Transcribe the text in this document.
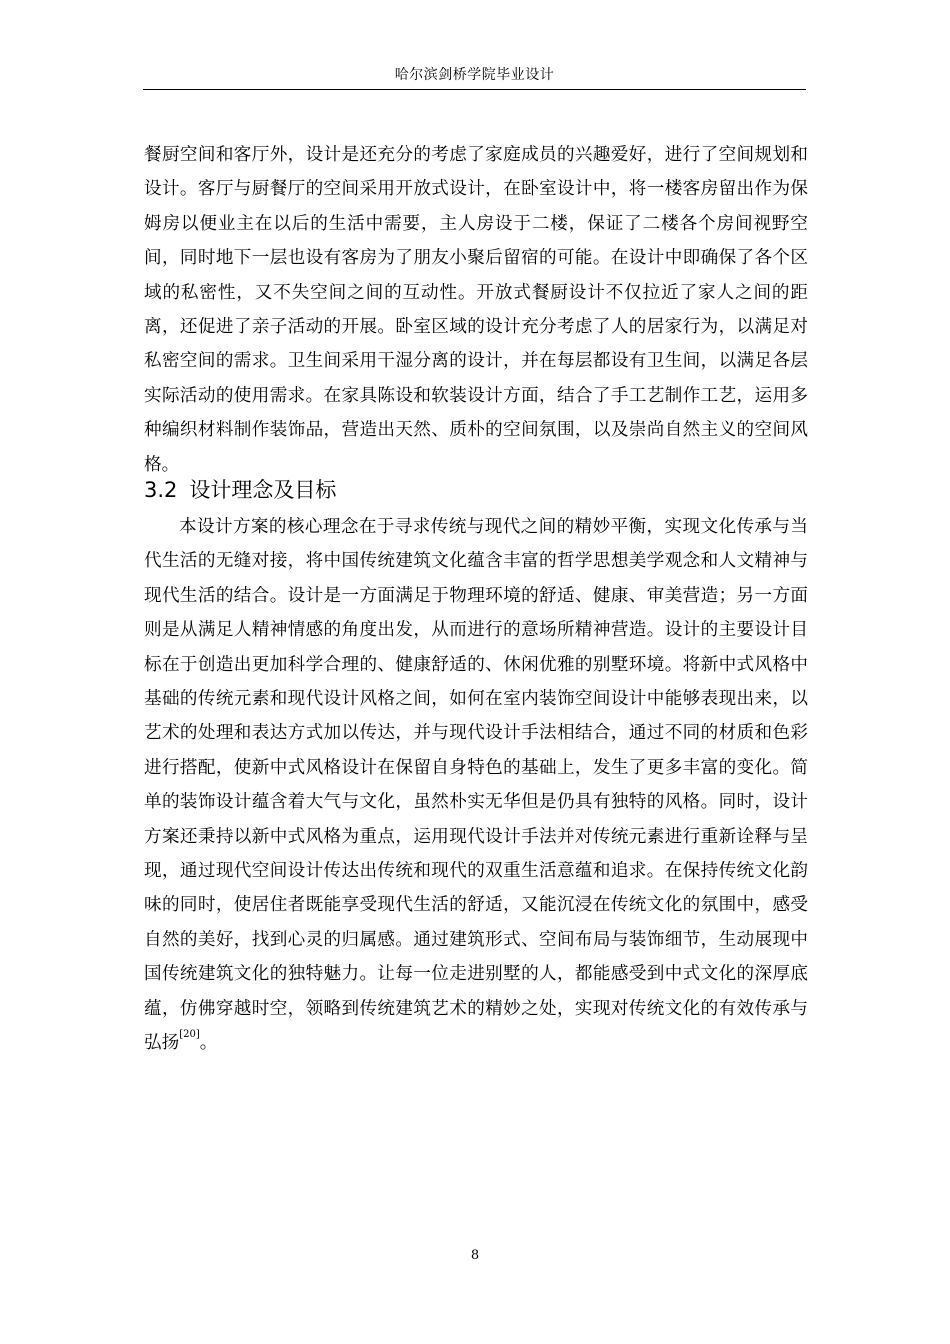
哈尔滨剑桥学院毕业设计

餐厨空间和客厅外，设计是还充分的考虑了家庭成员的兴趣爱好，进行了空间规划和设计。客厅与厨餐厅的空间采用开放式设计，在卧室设计中，将一楼客房留出作为保姆房以便业主在以后的生活中需要，主人房设于二楼，保证了二楼各个房间视野空间，同时地下一层也设有客房为了朋友小聚后留宿的可能。在设计中即确保了各个区域的私密性，又不失空间之间的互动性。开放式餐厨设计不仅拉近了家人之间的距离，还促进了亲子活动的开展。卧室区域的设计充分考虑了人的居家行为，以满足对私密空间的需求。卫生间采用干湿分离的设计，并在每层都设有卫生间，以满足各层实际活动的使用需求。在家具陈设和软装设计方面，结合了手工艺制作工艺，运用多种编织材料制作装饰品，营造出天然、质朴的空间氛围，以及崇尚自然主义的空间风格。

3.2 设计理念及目标

本设计方案的核心理念在于寻求传统与现代之间的精妙平衡，实现文化传承与当代生活的无缝对接，将中国传统建筑文化蕴含丰富的哲学思想美学观念和人文精神与现代生活的结合。设计是一方面满足于物理环境的舒适、健康、审美营造；另一方面则是从满足人精神情感的角度出发，从而进行的意场所精神营造。设计的主要设计目标在于创造出更加科学合理的、健康舒适的、休闲优雅的别墅环境。将新中式风格中基础的传统元素和现代设计风格之间，如何在室内装饰空间设计中能够表现出来，以艺术的处理和表达方式加以传达，并与现代设计手法相结合，通过不同的材质和色彩进行搭配，使新中式风格设计在保留自身特色的基础上，发生了更多丰富的变化。简单的装饰设计蕴含着大气与文化，虽然朴实无华但是仍具有独特的风格。同时，设计方案还秉持以新中式风格为重点，运用现代设计手法并对传统元素进行重新诠释与呈现，通过现代空间设计传达出传统和现代的双重生活意蕴和追求。在保持传统文化韵味的同时，使居住者既能享受现代生活的舒适，又能沉浸在传统文化的氛围中，感受自然的美好，找到心灵的归属感。通过建筑形式、空间布局与装饰细节，生动展现中国传统建筑文化的独特魅力。让每一位走进别墅的人，都能感受到中式文化的深厚底蕴，仿佛穿越时空，领略到传统建筑艺术的精妙之处，实现对传统文化的有效传承与弘扬[20]。

8
